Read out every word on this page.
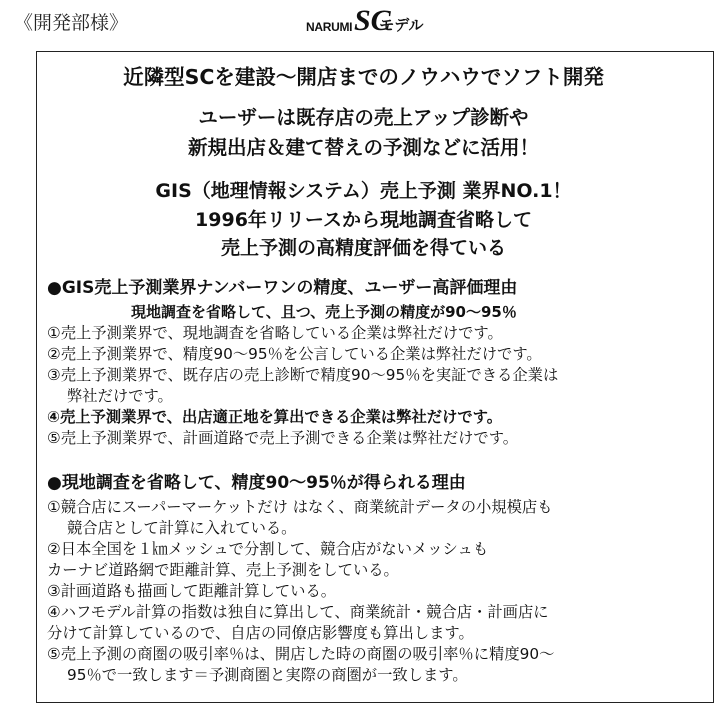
《開発部様》	NARUMI SC
モデル
近隣型SCを建設～開店までのノウハウでソフト開発
ユーザーは既存店の売上アップ診断や
新規出店＆建て替えの予測などに活用！
GIS（地理情報システム）売上予測 業界NO.1！
1996年リリースから現地調査省略して
売上予測の高精度評価を得ている
●GIS売上予測業界ナンバーワンの精度、ユーザー高評価理由
現地調査を省略して、且つ、売上予測の精度が90～95％
①売上予測業界で、現地調査を省略している企業は弊社だけです。
②売上予測業界で、精度90～95％を公言している企業は弊社だけです。
③売上予測業界で、既存店の売上診断で精度90～95％を実証できる企業は
弊社だけです。
④売上予測業界で、出店適正地を算出できる企業は弊社だけです。
⑤売上予測業界で、計画道路で売上予測できる企業は弊社だけです。
●現地調査を省略して、精度90～95％が得られる理由
①競合店にスーパーマーケットだけ はなく、商業統計データの小規模店も
競合店として計算に入れている。
②日本全国を１㎞メッシュで分割して、競合店がないメッシュも
カーナビ道路網で距離計算、売上予測をしている。
③計画道路も描画して距離計算している。
④ハフモデル計算の指数は独自に算出して、商業統計・競合店・計画店に
分けて計算しているので、自店の同僚店影響度も算出します。
⑤売上予測の商圏の吸引率％は、開店した時の商圏の吸引率％に精度90～
95％で一致します＝予測商圏と実際の商圏が一致します。
